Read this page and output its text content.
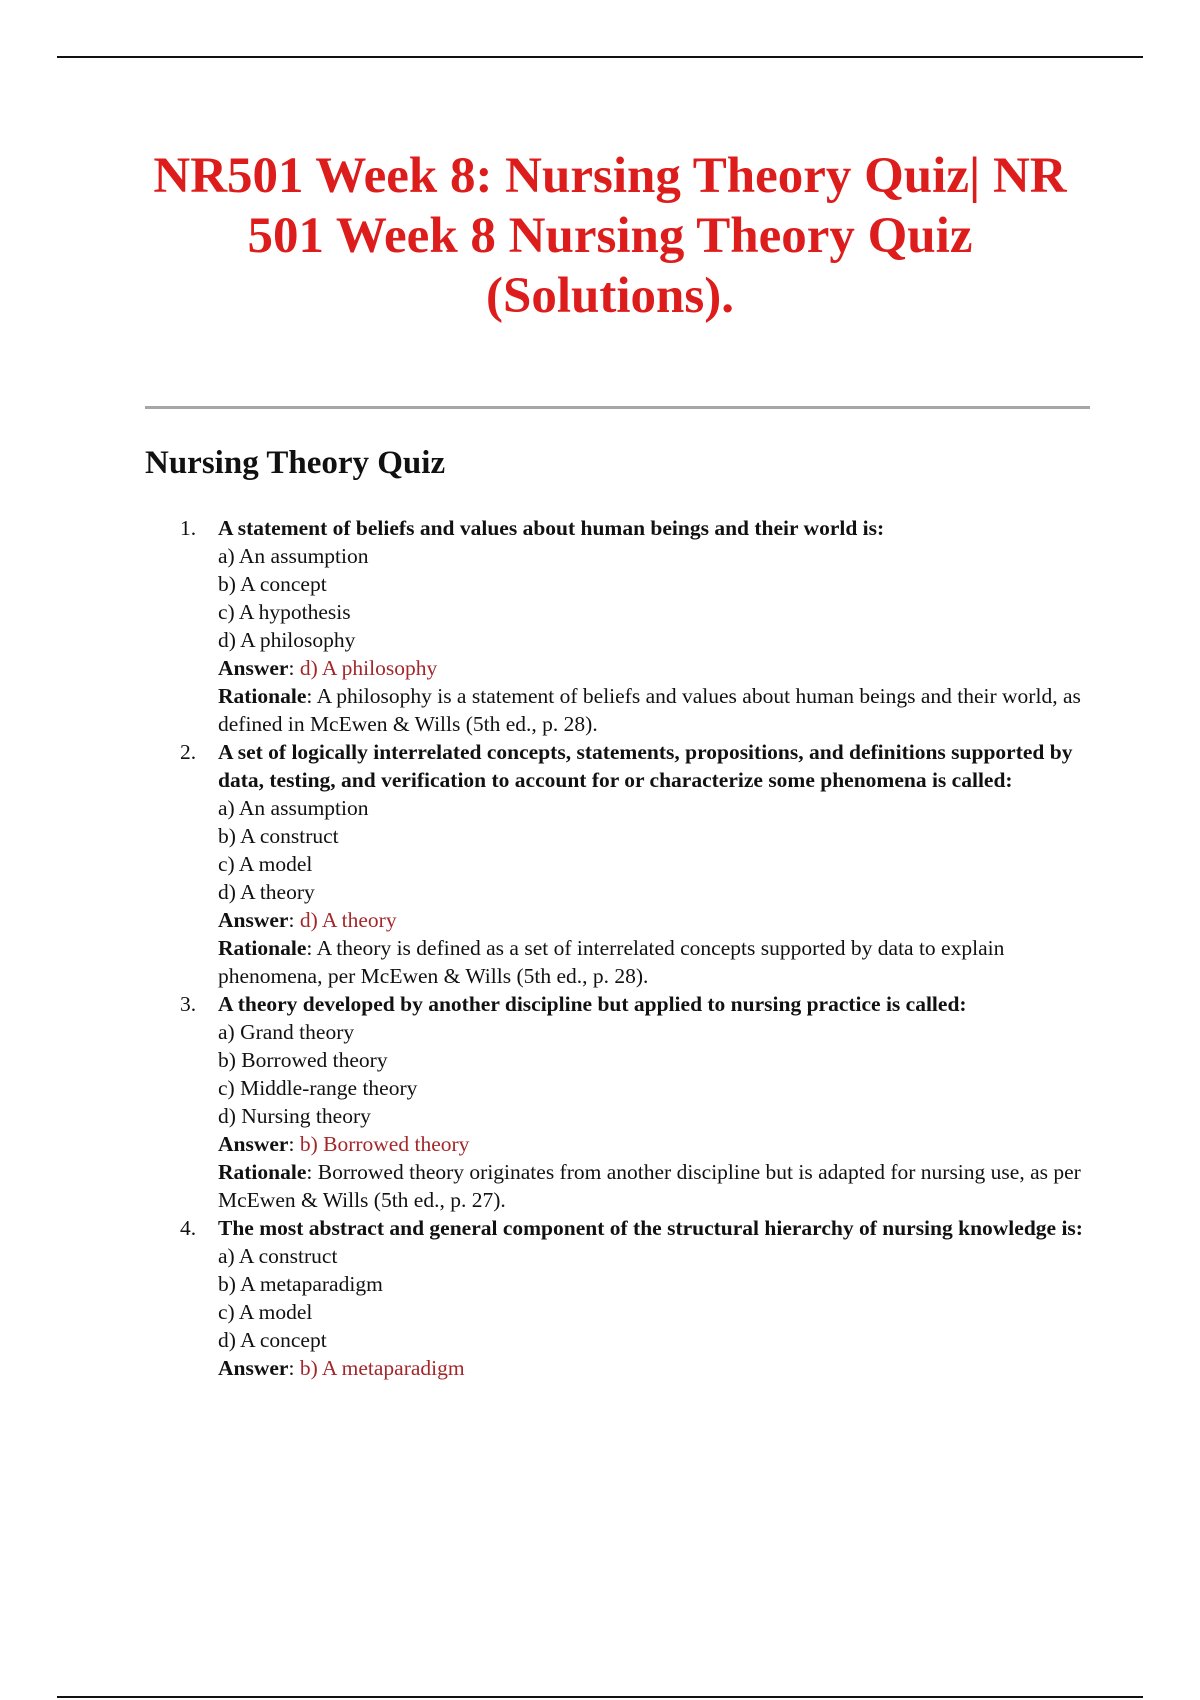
NR501 Week 8: Nursing Theory Quiz| NR 501 Week 8 Nursing Theory Quiz (Solutions).
Nursing Theory Quiz
1. A statement of beliefs and values about human beings and their world is:
a) An assumption
b) A concept
c) A hypothesis
d) A philosophy
Answer: d) A philosophy
Rationale: A philosophy is a statement of beliefs and values about human beings and their world, as defined in McEwen & Wills (5th ed., p. 28).
2. A set of logically interrelated concepts, statements, propositions, and definitions supported by data, testing, and verification to account for or characterize some phenomena is called:
a) An assumption
b) A construct
c) A model
d) A theory
Answer: d) A theory
Rationale: A theory is defined as a set of interrelated concepts supported by data to explain phenomena, per McEwen & Wills (5th ed., p. 28).
3. A theory developed by another discipline but applied to nursing practice is called:
a) Grand theory
b) Borrowed theory
c) Middle-range theory
d) Nursing theory
Answer: b) Borrowed theory
Rationale: Borrowed theory originates from another discipline but is adapted for nursing use, as per McEwen & Wills (5th ed., p. 27).
4. The most abstract and general component of the structural hierarchy of nursing knowledge is:
a) A construct
b) A metaparadigm
c) A model
d) A concept
Answer: b) A metaparadigm
